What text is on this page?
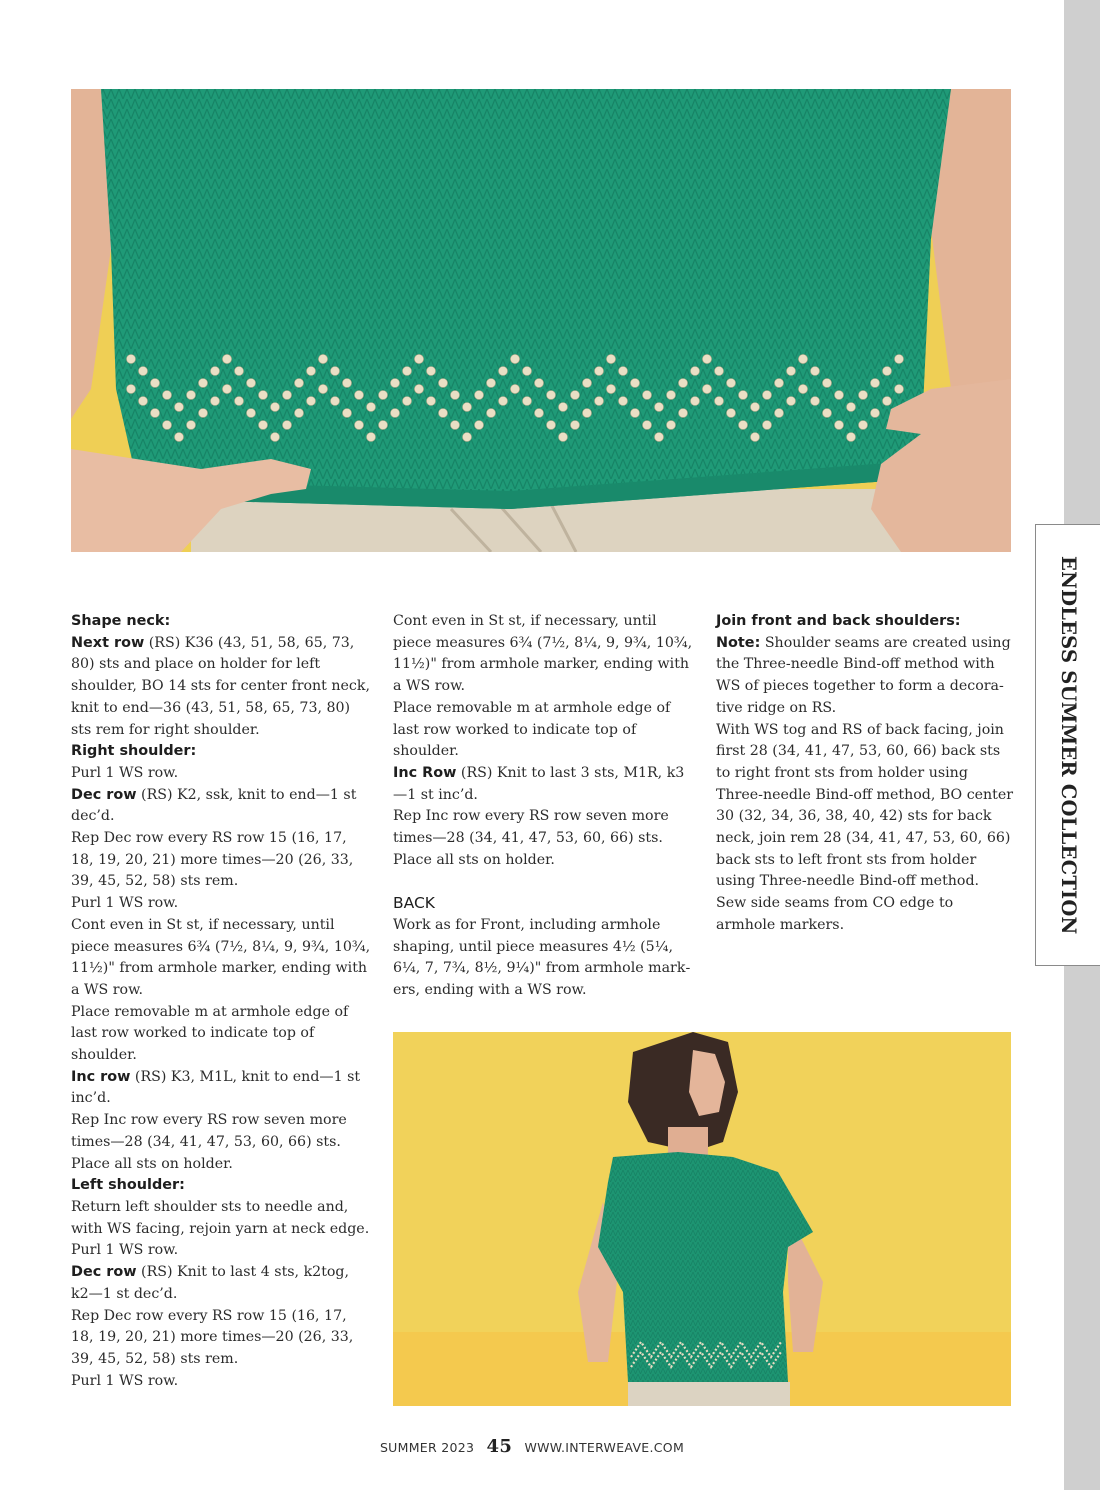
ENDLESS SUMMER COLLECTION

Shape neck:

Next row (RS) K36 (43, 51, 58, 65, 73, 80) sts and place on holder for left shoulder, BO 14 sts for center front neck, knit to end—36 (43, 51, 58, 65, 73, 80) sts rem for right shoulder.

Right shoulder:

Purl 1 WS row.

Dec row (RS) K2, ssk, knit to end—1 st dec’d.

Rep Dec row every RS row 15 (16, 17, 18, 19, 20, 21) more times—20 (26, 33, 39, 45, 52, 58) sts rem.

Purl 1 WS row.

Cont even in St st, if necessary, until piece measures 6¾ (7½, 8¼, 9, 9¾, 10¾, 11½)" from armhole marker, ending with a WS row.

Place removable m at armhole edge of last row worked to indicate top of shoulder.

Inc row (RS) K3, M1L, knit to end—1 st inc’d.

Rep Inc row every RS row seven more times—28 (34, 41, 47, 53, 60, 66) sts.

Place all sts on holder.

Left shoulder:

Return left shoulder sts to needle and, with WS facing, rejoin yarn at neck edge.

Purl 1 WS row.

Dec row (RS) Knit to last 4 sts, k2tog, k2—1 st dec’d.

Rep Dec row every RS row 15 (16, 17, 18, 19, 20, 21) more times—20 (26, 33, 39, 45, 52, 58) sts rem.

Purl 1 WS row.

Cont even in St st, if necessary, until piece measures 6¾ (7½, 8¼, 9, 9¾, 10¾, 11½)" from armhole marker, ending with a WS row.

Place removable m at armhole edge of last row worked to indicate top of shoulder.

Inc Row (RS) Knit to last 3 sts, M1R, k3—1 st inc’d.

Rep Inc row every RS row seven more times—28 (34, 41, 47, 53, 60, 66) sts.

Place all sts on holder.

BACK

Work as for Front, including armhole shaping, until piece measures 4½ (5¼, 6¼, 7, 7¾, 8½, 9¼)" from armhole markers, ending with a WS row.

Join front and back shoulders:

Note: Shoulder seams are created using the Three-needle Bind-off method with WS of pieces together to form a decorative ridge on RS.

With WS tog and RS of back facing, join first 28 (34, 41, 47, 53, 60, 66) back sts to right front sts from holder using Three-needle Bind-off method, BO center 30 (32, 34, 36, 38, 40, 42) sts for back neck, join rem 28 (34, 41, 47, 53, 60, 66) back sts to left front sts from holder using Three-needle Bind-off method.

Sew side seams from CO edge to armhole markers.

SUMMER 2023 45 WWW.INTERWEAVE.COM
